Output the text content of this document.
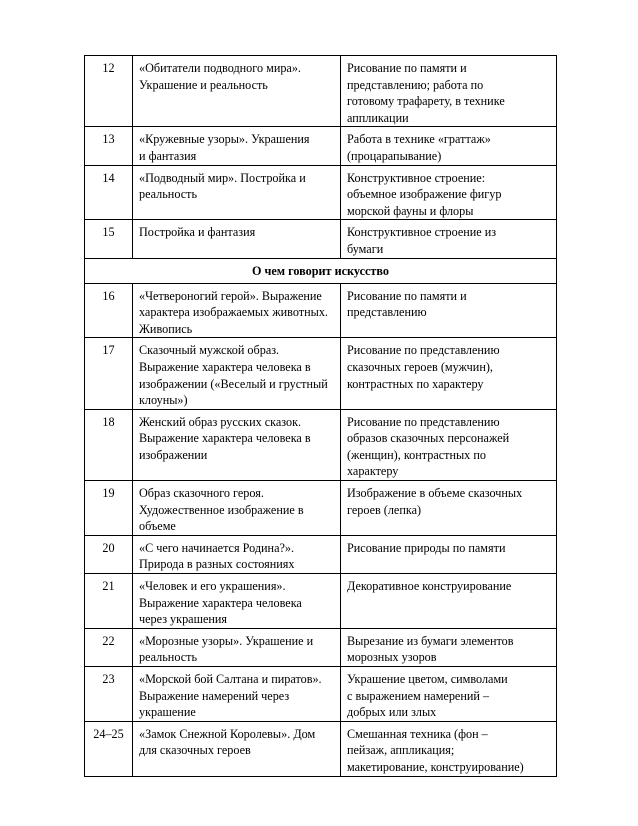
12	«Обитатели подводного мира».
Украшение и реальность	Рисование по памяти и
представлению; работа по
готовому трафарету, в технике
аппликации

13	«Кружевные узоры». Украшения
и фантазия	Работа в технике «граттаж»
(процарапывание)

14	«Подводный мир». Постройка и
реальность	Конструктивное строение:
объемное изображение фигур
морской фауны и флоры

15	Постройка и фантазия	Конструктивное строение из
бумаги

О чем говорит искусство		
16	«Четвероногий герой». Выражение
характера изображаемых животных.
Живопись	Рисование по памяти и
представлению

17	Сказочный мужской образ.
Выражение характера человека в
изображении («Веселый и грустный
клоуны»)	Рисование по представлению
сказочных героев (мужчин),
контрастных по характеру

18	Женский образ русских сказок.
Выражение характера человека в
изображении	Рисование по представлению
образов сказочных персонажей
(женщин), контрастных по
характеру

19	Образ сказочного героя.
Художественное изображение в
объеме	Изображение в объеме сказочных
героев (лепка)

20	«С чего начинается Родина?».
Природа в разных состояниях	Рисование природы по памяти

21	«Человек и его украшения».
Выражение характера человека
через украшения	Декоративное конструирование

22	«Морозные узоры». Украшение и
реальность	Вырезание из бумаги элементов
морозных узоров

23	«Морской бой Салтана и пиратов».
Выражение намерений через
украшение	Украшение цветом, символами
с выражением намерений –
добрых или злых

24–25	«Замок Снежной Королевы». Дом
для сказочных героев	Смешанная техника (фон –
пейзаж, аппликация;
макетирование, конструирование)
